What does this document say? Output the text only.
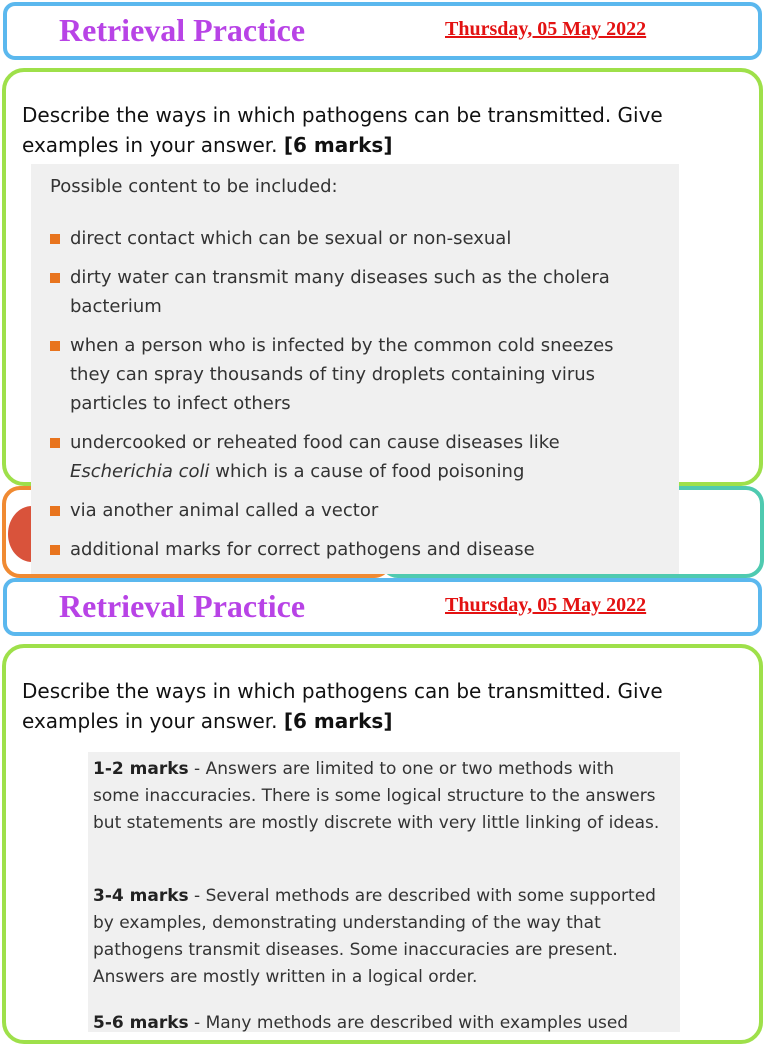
Retrieval Practice	Thursday, 05 May 2022
Describe the ways in which pathogens can be transmitted. Give examples in your answer. [6 marks]
Possible content to be included:
direct contact which can be sexual or non-sexual
dirty water can transmit many diseases such as the cholera bacterium
when a person who is infected by the common cold sneezes they can spray thousands of tiny droplets containing virus particles to infect others
undercooked or reheated food can cause diseases like Escherichia coli which is a cause of food poisoning
via another animal called a vector
additional marks for correct pathogens and disease
Retrieval Practice	Thursday, 05 May 2022
Describe the ways in which pathogens can be transmitted. Give examples in your answer. [6 marks]

1-2 marks - Answers are limited to one or two methods with some inaccuracies. There is some logical structure to the answers but statements are mostly discrete with very little linking of ideas.

3-4 marks - Several methods are described with some supported by examples, demonstrating understanding of the way that pathogens transmit diseases. Some inaccuracies are present. Answers are mostly written in a logical order.

5-6 marks - Many methods are described with examples used
